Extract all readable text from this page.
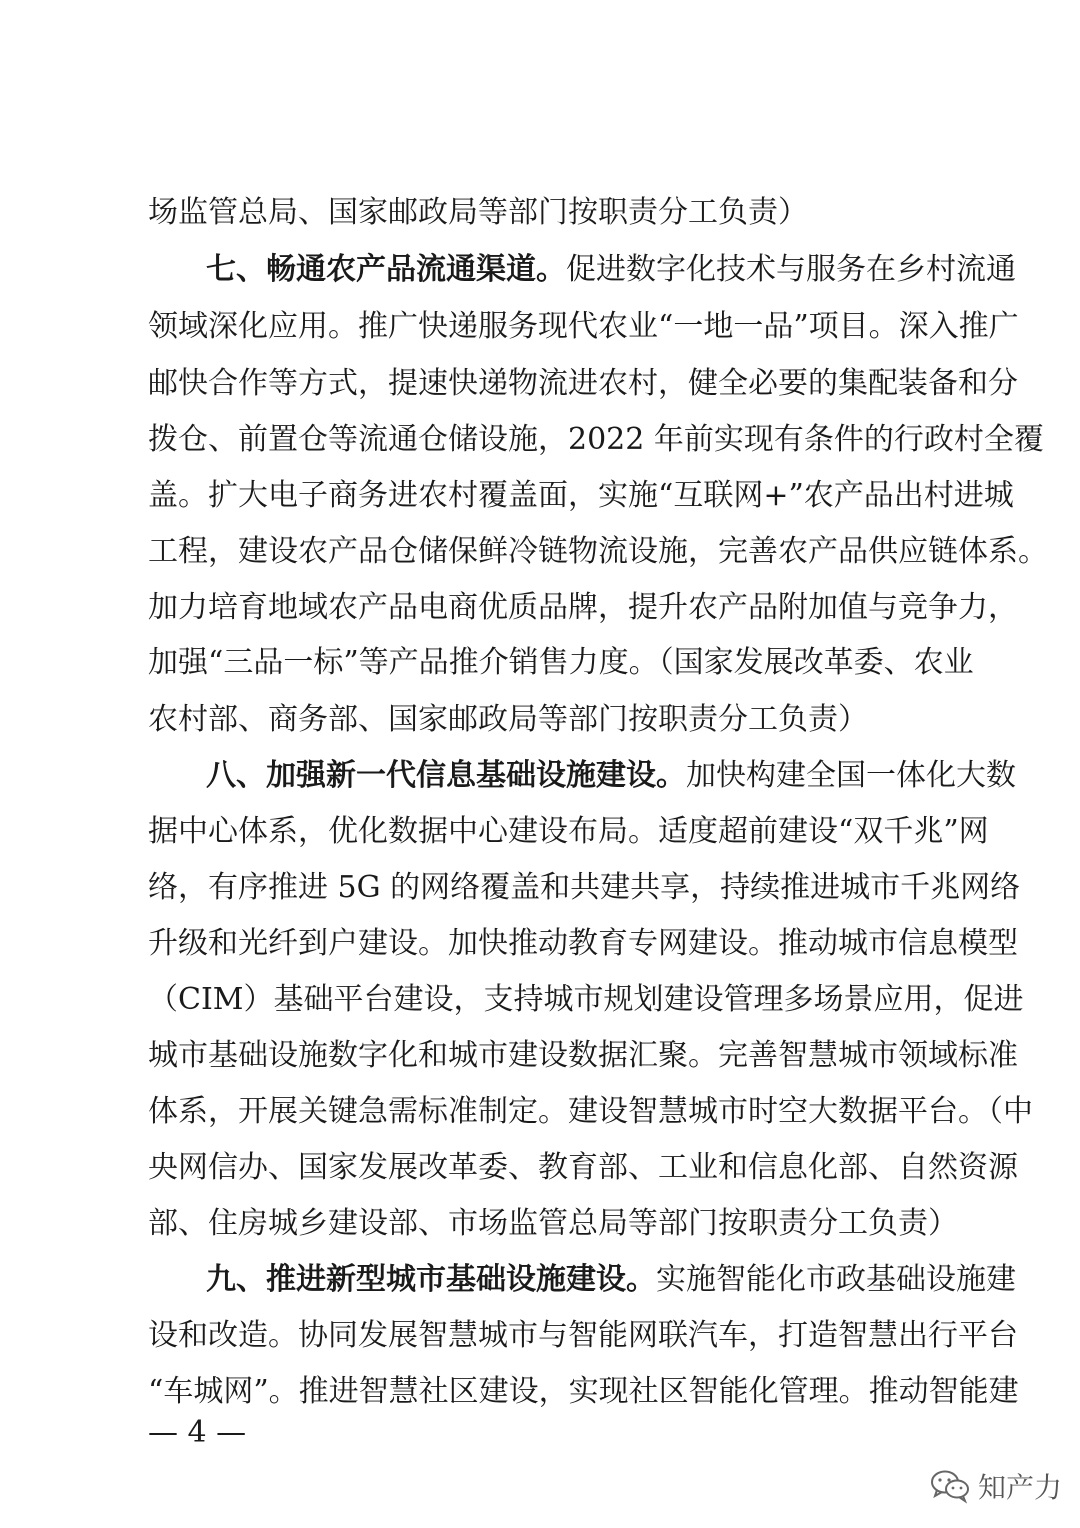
场监管总局、国家邮政局等部门按职责分工负责）
七、畅通农产品流通渠道。促进数字化技术与服务在乡村流通
领域深化应用。推广快递服务现代农业“一地一品”项目。深入推广
邮快合作等方式，提速快递物流进农村，健全必要的集配装备和分
拨仓、前置仓等流通仓储设施，2022 年前实现有条件的行政村全覆
盖。扩大电子商务进农村覆盖面，实施“互联网+”农产品出村进城
工程，建设农产品仓储保鲜冷链物流设施，完善农产品供应链体系。
加力培育地域农产品电商优质品牌，提升农产品附加值与竞争力，
加强“三品一标”等产品推介销售力度。（国家发展改革委、农业
农村部、商务部、国家邮政局等部门按职责分工负责）
八、加强新一代信息基础设施建设。加快构建全国一体化大数
据中心体系，优化数据中心建设布局。适度超前建设“双千兆”网
络，有序推进 5G 的网络覆盖和共建共享，持续推进城市千兆网络
升级和光纤到户建设。加快推动教育专网建设。推动城市信息模型
（CIM）基础平台建设，支持城市规划建设管理多场景应用，促进
城市基础设施数字化和城市建设数据汇聚。完善智慧城市领域标准
体系，开展关键急需标准制定。建设智慧城市时空大数据平台。（中
央网信办、国家发展改革委、教育部、工业和信息化部、自然资源
部、住房城乡建设部、市场监管总局等部门按职责分工负责）
九、推进新型城市基础设施建设。实施智能化市政基础设施建
设和改造。协同发展智慧城市与智能网联汽车，打造智慧出行平台
“车城网”。推进智慧社区建设，实现社区智能化管理。推动智能建
— 4 —
知产力
